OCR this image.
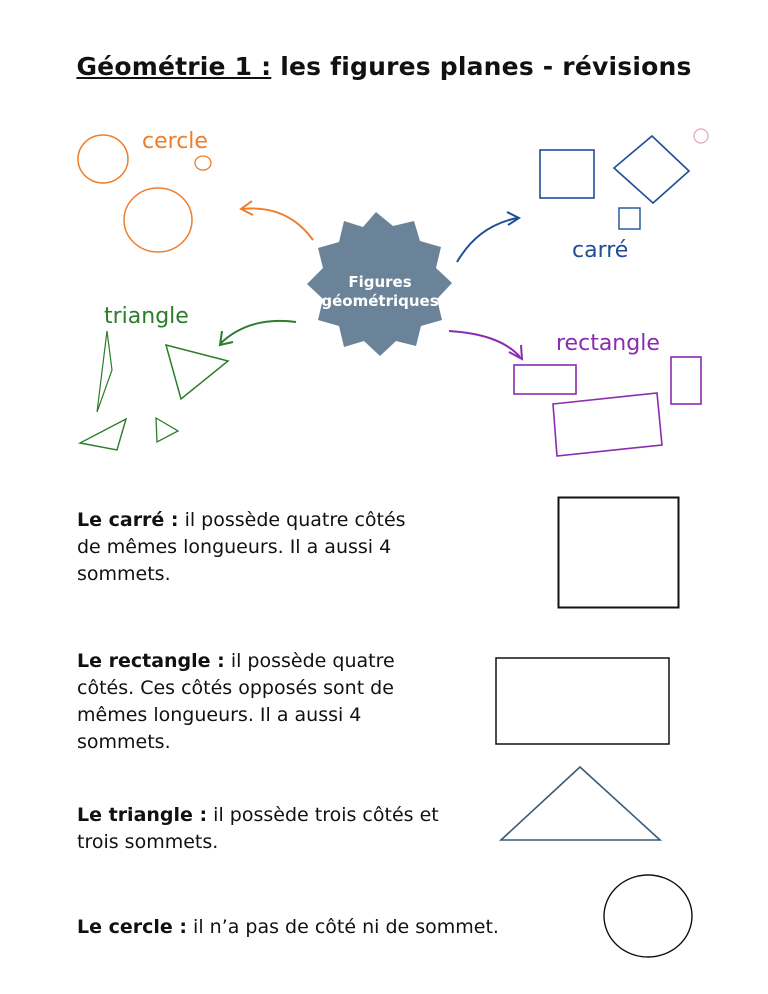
Géométrie 1 : les figures planes - révisions
Figures
géométriques
cercle
carré
triangle
rectangle
Le carré : il possède quatre côtés de mêmes longueurs. Il a aussi 4 sommets.
Le rectangle : il possède quatre côtés. Ces côtés opposés sont de mêmes longueurs. Il a aussi 4 sommets.
Le triangle : il possède trois côtés et trois sommets.
Le cercle : il n’a pas de côté ni de sommet.
